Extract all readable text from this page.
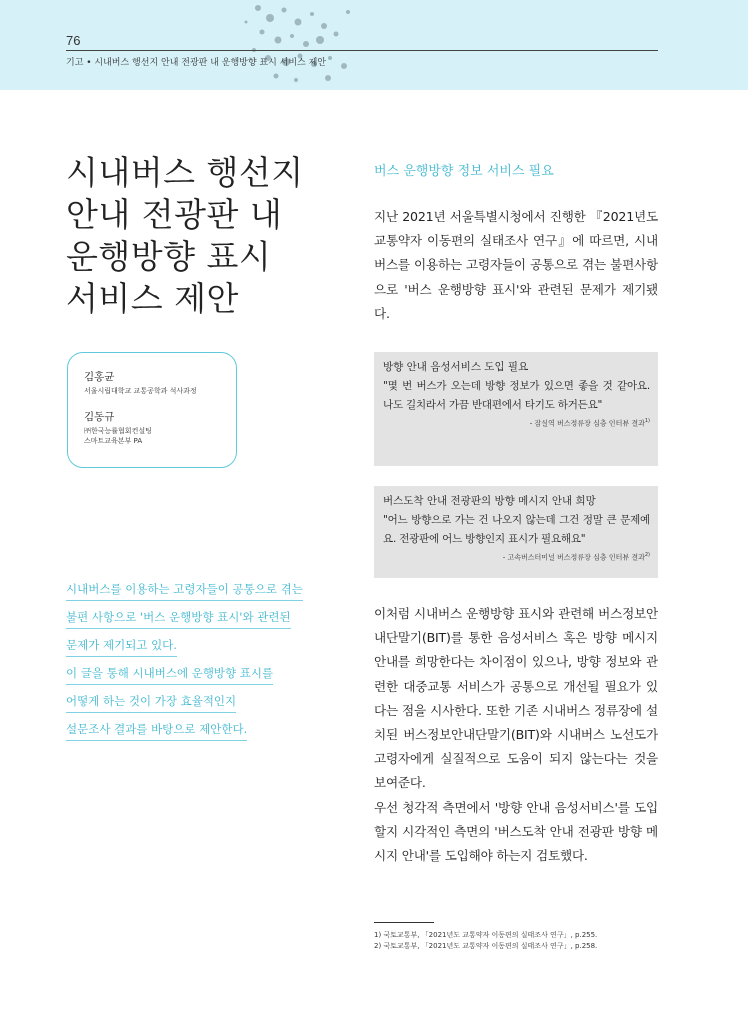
76
기고 • 시내버스 행선지 안내 전광판 내 운행방향 표시 서비스 제안
시내버스 행선지
안내 전광판 내
운행방향 표시
서비스 제안
김홍균
서울시립대학교 교통공학과 석사과정
김동규
㈜한국능률협회컨설팅
스마트교육본부 PA
시내버스를 이용하는 고령자들이 공통으로 겪는
불편 사항으로 '버스 운행방향 표시'와 관련된
문제가 제기되고 있다.
이 글을 통해 시내버스에 운행방향 표시를
어떻게 하는 것이 가장 효율적인지
설문조사 결과를 바탕으로 제안한다.
버스 운행방향 정보 서비스 필요

지난 2021년 서울특별시청에서 진행한 『2021년도 교통약자 이동편의 실태조사 연구』에 따르면, 시내버스를 이용하는 고령자들이 공통으로 겪는 불편사항으로 '버스 운행방향 표시'와 관련된 문제가 제기됐다.

방향 안내 음성서비스 도입 필요
"몇 번 버스가 오는데 방향 정보가 있으면 좋을 것 같아요. 나도 길치라서 가끔 반대편에서 타기도 하거든요"
- 잠실역 버스정류장 심층 인터뷰 결과$^{1)}$
버스도착 안내 전광판의 방향 메시지 안내 희망
"어느 방향으로 가는 건 나오지 않는데 그건 정말 큰 문제예요. 전광판에 어느 방향인지 표시가 필요해요"
- 고속버스터미널 버스정류장 심층 인터뷰 결과$^{2)}$

이처럼 시내버스 운행방향 표시와 관련해 버스정보안내단말기(BIT)를 통한 음성서비스 혹은 방향 메시지 안내를 희망한다는 차이점이 있으나, 방향 정보와 관련한 대중교통 서비스가 공통으로 개선될 필요가 있다는 점을 시사한다. 또한 기존 시내버스 정류장에 설치된 버스정보안내단말기(BIT)와 시내버스 노선도가 고령자에게 실질적으로 도움이 되지 않는다는 것을 보여준다.

우선 청각적 측면에서 '방향 안내 음성서비스'를 도입할지 시각적인 측면의 '버스도착 안내 전광판 방향 메시지 안내'를 도입해야 하는지 검토했다.

1) 국토교통부, 「2021년도 교통약자 이동편의 실태조사 연구」, p.255.
2) 국토교통부, 「2021년도 교통약자 이동편의 실태조사 연구」, p.258.
